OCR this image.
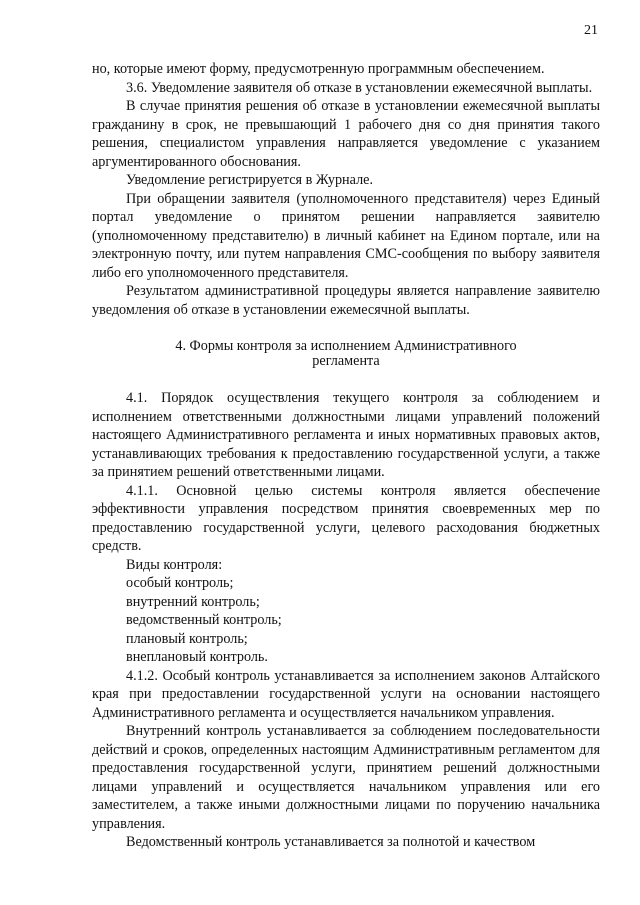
21

но, которые имеют форму, предусмотренную программным обеспечением.

3.6. Уведомление заявителя об отказе в установлении ежемесячной выплаты.

В случае принятия решения об отказе в установлении ежемесячной выплаты гражданину в срок, не превышающий 1 рабочего дня со дня принятия такого решения, специалистом управления направляется уведомление с указанием аргументированного обоснования.

Уведомление регистрируется в Журнале.

При обращении заявителя (уполномоченного представителя) через Единый портал уведомление о принятом решении направляется заявителю (уполномоченному представителю) в личный кабинет на Едином портале, или на электронную почту, или путем направления СМС-сообщения по выбору заявителя либо его уполномоченного представителя.

Результатом административной процедуры является направление заявителю уведомления об отказе в установлении ежемесячной выплаты.

4. Формы контроля за исполнением Административного
регламента

4.1. Порядок осуществления текущего контроля за соблюдением и исполнением ответственными должностными лицами управлений положений настоящего Административного регламента и иных нормативных правовых актов, устанавливающих требования к предоставлению государственной услуги, а также за принятием решений ответственными лицами.

4.1.1. Основной целью системы контроля является обеспечение эффективности управления посредством принятия своевременных мер по предоставлению государственной услуги, целевого расходования бюджетных средств.

Виды контроля:

особый контроль;

внутренний контроль;

ведомственный контроль;

плановый контроль;

внеплановый контроль.

4.1.2. Особый контроль устанавливается за исполнением законов Алтайского края при предоставлении государственной услуги на основании настоящего Административного регламента и осуществляется начальником управления.

Внутренний контроль устанавливается за соблюдением последовательности действий и сроков, определенных настоящим Административным регламентом для предоставления государственной услуги, принятием решений должностными лицами управлений и осуществляется начальником управления или его заместителем, а также иными должностными лицами по поручению начальника управления.

Ведомственный контроль устанавливается за полнотой и качеством
